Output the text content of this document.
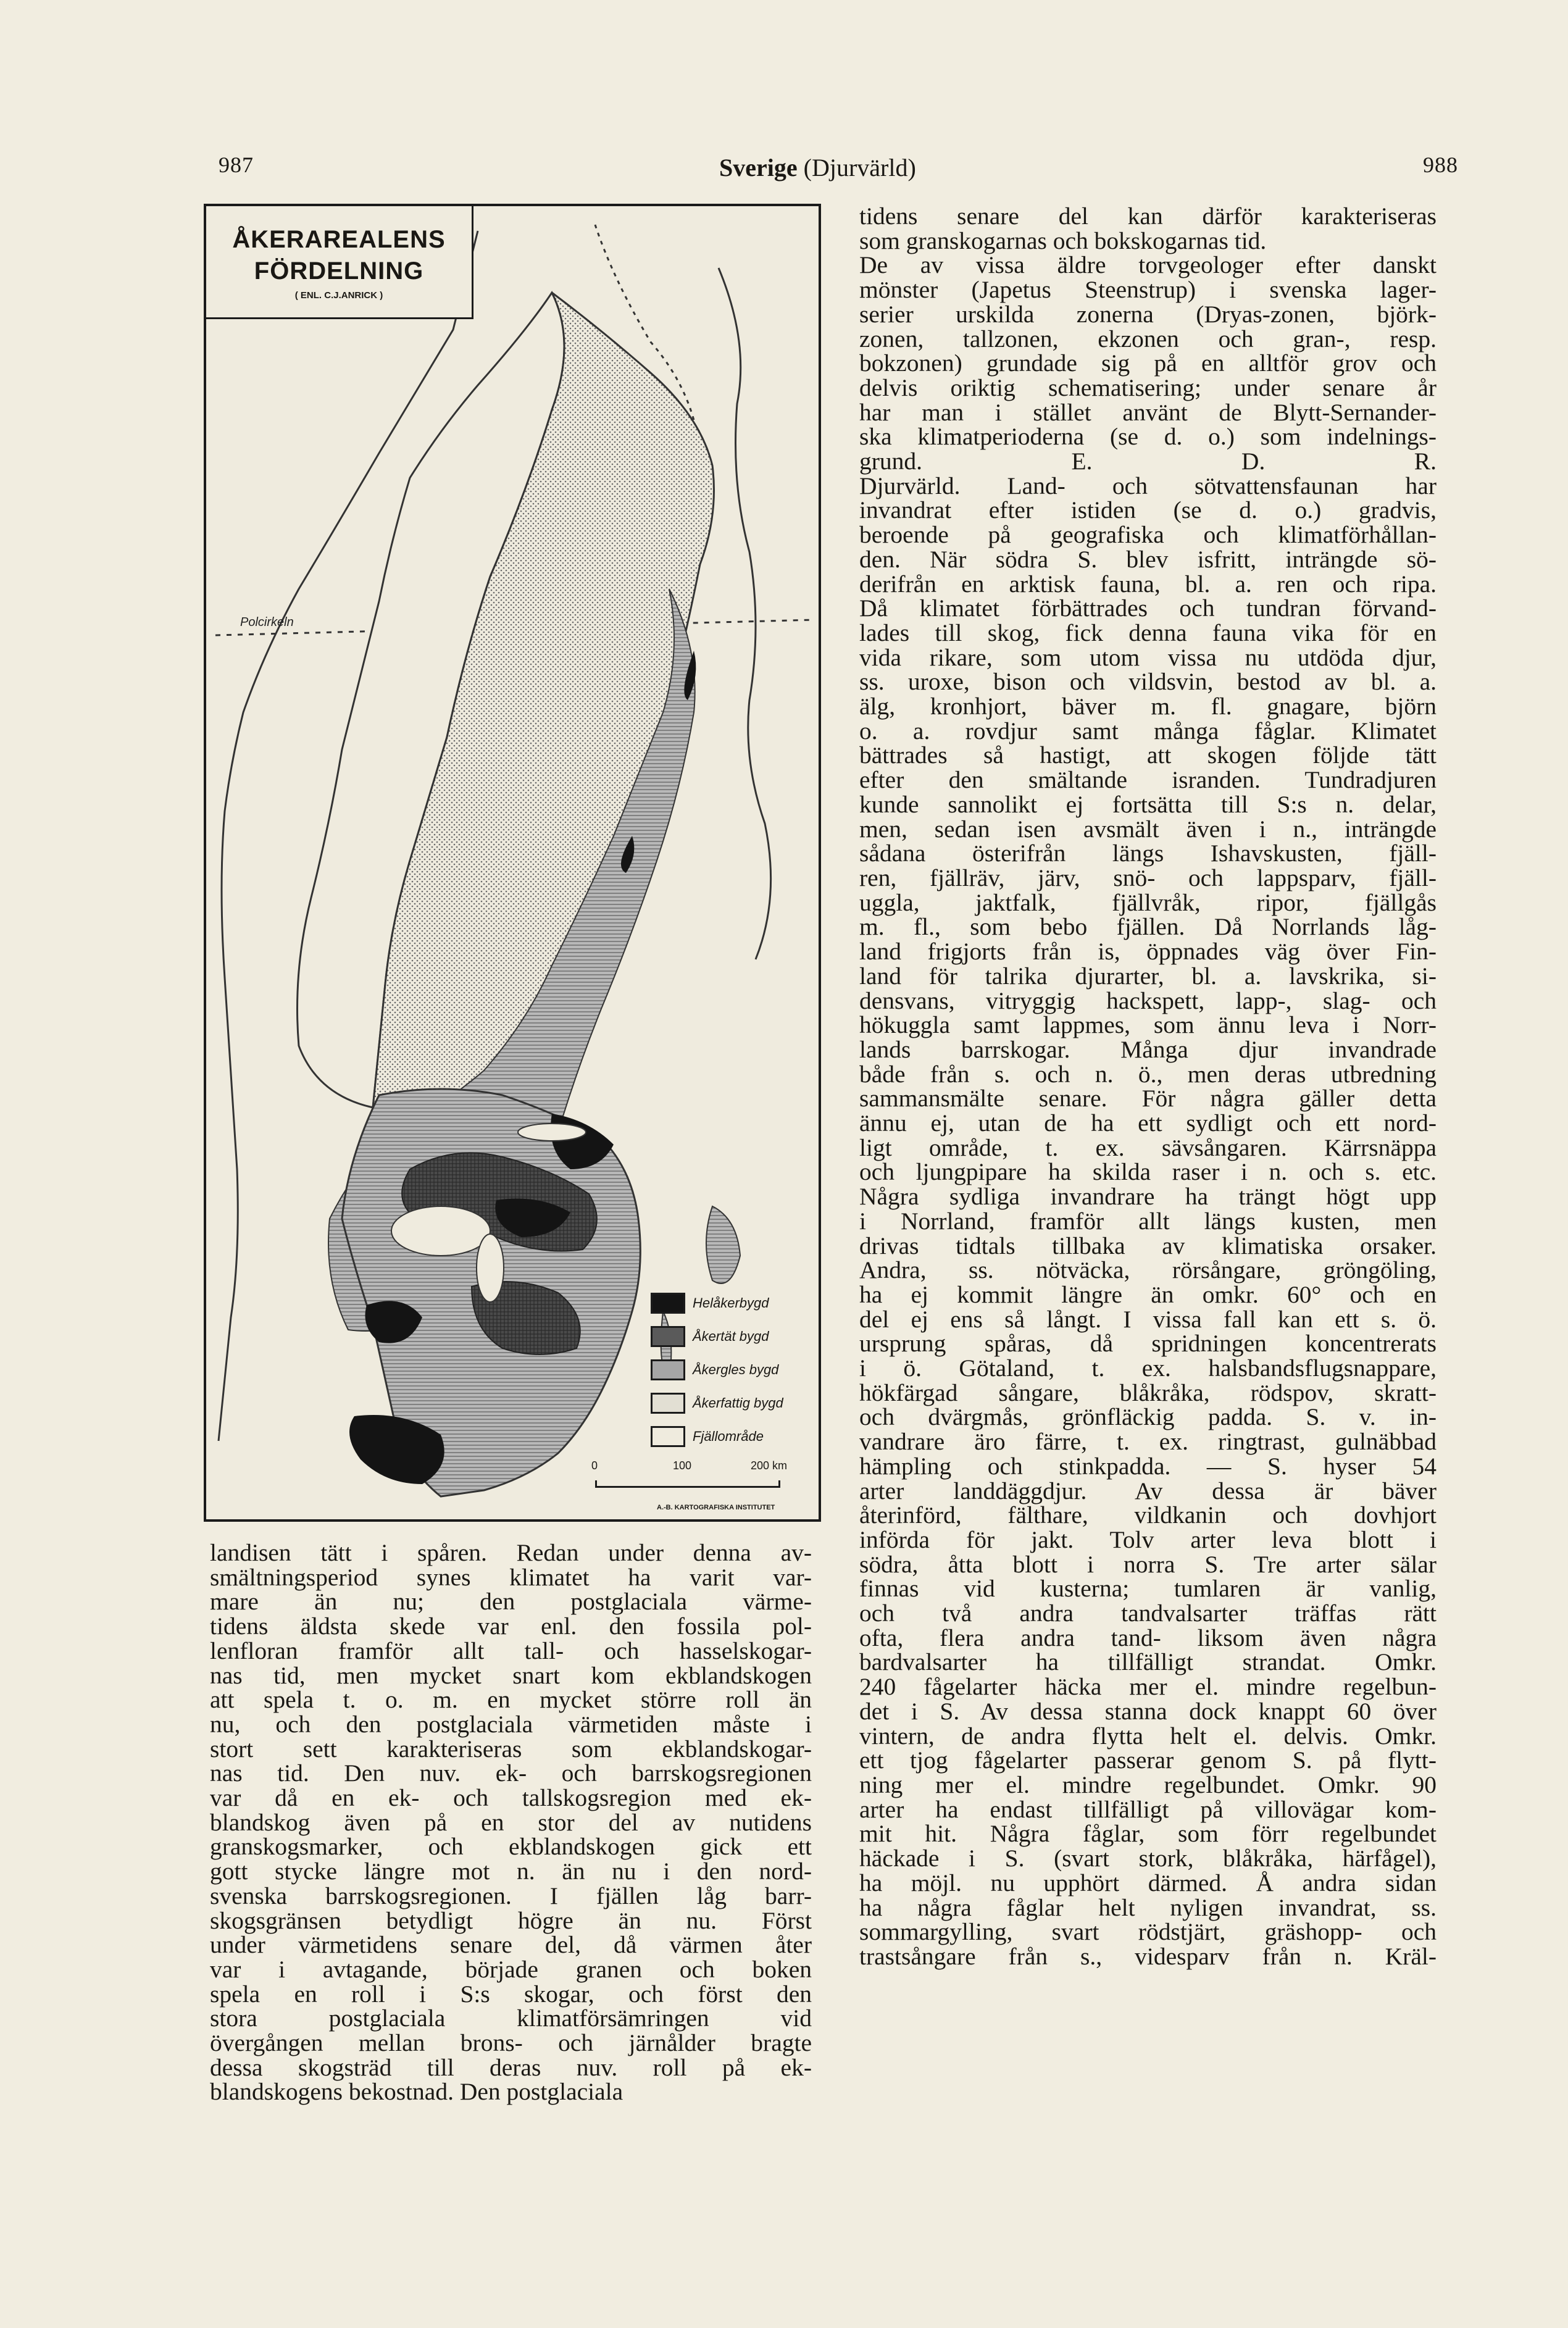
987	Sverige (Djurvärld)	988
Polcirkeln
ÅKERAREALENS
FÖRDELNING
( ENL. C.J.ANRICK )
Helåkerbygd
Åkertät bygd
Åkergles bygd
Åkerfattig bygd
Fjällområde
0	100	200 km
A.-B. KARTOGRAFISKA INSTITUTET

tidens senare del kan därför karakteriseras

som granskogarnas och bokskogarnas tid.

De av vissa äldre torvgeologer efter danskt

mönster (Japetus Steenstrup) i svenska lager-

serier urskilda zonerna (Dryas-zonen, björk-

zonen, tallzonen, ekzonen och gran-, resp.

bokzonen) grundade sig på en alltför grov och

delvis oriktig schematisering; under senare år

har man i stället använt de Blytt-Sernander-

ska klimatperioderna (se d. o.) som indelnings-

grund. E. D. R.

Djurvärld. Land- och sötvattensfaunan har

invandrat efter istiden (se d. o.) gradvis,

beroende på geografiska och klimatförhållan-

den. När södra S. blev isfritt, inträngde sö-

derifrån en arktisk fauna, bl. a. ren och ripa.

Då klimatet förbättrades och tundran förvand-

lades till skog, fick denna fauna vika för en

vida rikare, som utom vissa nu utdöda djur,

ss. uroxe, bison och vildsvin, bestod av bl. a.

älg, kronhjort, bäver m. fl. gnagare, björn

o. a. rovdjur samt många fåglar. Klimatet

bättrades så hastigt, att skogen följde tätt

efter den smältande isranden. Tundradjuren

kunde sannolikt ej fortsätta till S:s n. delar,

men, sedan isen avsmält även i n., inträngde

sådana österifrån längs Ishavskusten, fjäll-

ren, fjällräv, järv, snö- och lappsparv, fjäll-

uggla, jaktfalk, fjällvråk, ripor, fjällgås

m. fl., som bebo fjällen. Då Norrlands låg-

land frigjorts från is, öppnades väg över Fin-

land för talrika djurarter, bl. a. lavskrika, si-

densvans, vitryggig hackspett, lapp-, slag- och

hökuggla samt lappmes, som ännu leva i Norr-

lands barrskogar. Många djur invandrade

både från s. och n. ö., men deras utbredning

sammansmälte senare. För några gäller detta

ännu ej, utan de ha ett sydligt och ett nord-

ligt område, t. ex. sävsångaren. Kärrsnäppa

och ljungpipare ha skilda raser i n. och s. etc.

Några sydliga invandrare ha trängt högt upp

i Norrland, framför allt längs kusten, men

drivas tidtals tillbaka av klimatiska orsaker.

Andra, ss. nötväcka, rörsångare, gröngöling,

ha ej kommit längre än omkr. 60° och en

del ej ens så långt. I vissa fall kan ett s. ö.

ursprung spåras, då spridningen koncentrerats

i ö. Götaland, t. ex. halsbandsflugsnappare,

hökfärgad sångare, blåkråka, rödspov, skratt-

och dvärgmås, grönfläckig padda. S. v. in-

vandrare äro färre, t. ex. ringtrast, gulnäbbad

hämpling och stinkpadda. — S. hyser 54

arter landdäggdjur. Av dessa är bäver

återinförd, fälthare, vildkanin och dovhjort

införda för jakt. Tolv arter leva blott i

södra, åtta blott i norra S. Tre arter sälar

finnas vid kusterna; tumlaren är vanlig,

och två andra tandvalsarter träffas rätt

ofta, flera andra tand- liksom även några

bardvalsarter ha tillfälligt strandat. Omkr.

240 fågelarter häcka mer el. mindre regelbun-

det i S. Av dessa stanna dock knappt 60 över

vintern, de andra flytta helt el. delvis. Omkr.

ett tjog fågelarter passerar genom S. på flytt-

ning mer el. mindre regelbundet. Omkr. 90

arter ha endast tillfälligt på villovägar kom-

mit hit. Några fåglar, som förr regelbundet

häckade i S. (svart stork, blåkråka, härfågel),

ha möjl. nu upphört därmed. Å andra sidan

ha några fåglar helt nyligen invandrat, ss.

sommargylling, svart rödstjärt, gräshopp- och

trastsångare från s., videsparv från n. Kräl-

landisen tätt i spåren. Redan under denna av-

smältningsperiod synes klimatet ha varit var-

mare än nu; den postglaciala värme-

tidens äldsta skede var enl. den fossila pol-

lenfloran framför allt tall- och hasselskogar-

nas tid, men mycket snart kom ekblandskogen

att spela t. o. m. en mycket större roll än

nu, och den postglaciala värmetiden måste i

stort sett karakteriseras som ekblandskogar-

nas tid. Den nuv. ek- och barrskogsregionen

var då en ek- och tallskogsregion med ek-

blandskog även på en stor del av nutidens

granskogsmarker, och ekblandskogen gick ett

gott stycke längre mot n. än nu i den nord-

svenska barrskogsregionen. I fjällen låg barr-

skogsgränsen betydligt högre än nu. Först

under värmetidens senare del, då värmen åter

var i avtagande, började granen och boken

spela en roll i S:s skogar, och först den

stora postglaciala klimatförsämringen vid

övergången mellan brons- och järnålder bragte

dessa skogsträd till deras nuv. roll på ek-

blandskogens bekostnad. Den postglaciala
